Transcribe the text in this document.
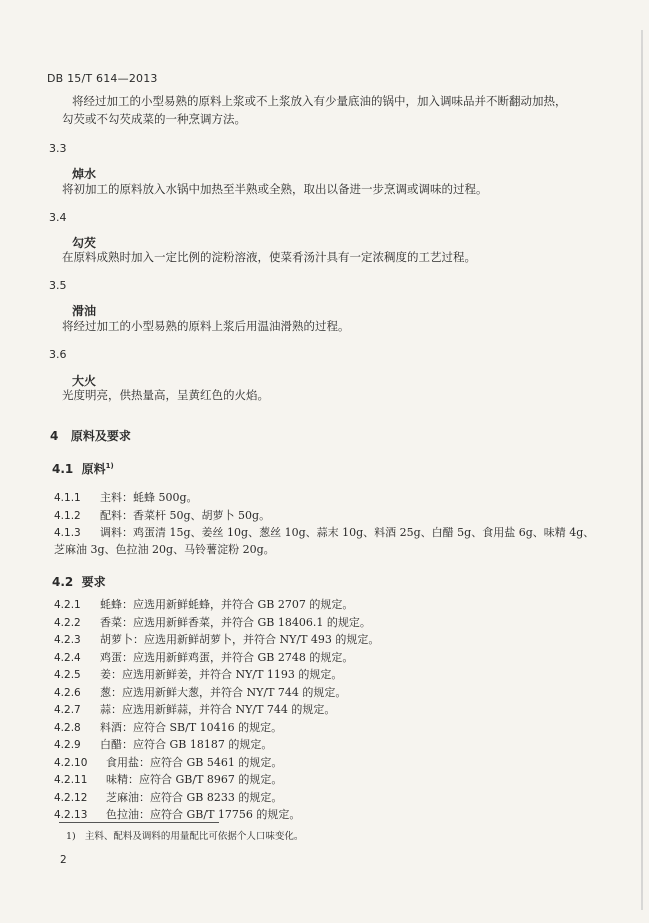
DB 15/T 614—2013
将经过加工的小型易熟的原料上浆或不上浆放入有少量底油的锅中，加入调味品并不断翻动加热，
勾芡或不勾芡成菜的一种烹调方法。
3.3
焯水
将初加工的原料放入水锅中加热至半熟或全熟，取出以备进一步烹调或调味的过程。
3.4
勾芡
在原料成熟时加入一定比例的淀粉溶液，使菜肴汤汁具有一定浓稠度的工艺过程。
3.5
滑油
将经过加工的小型易熟的原料上浆后用温油滑熟的过程。
3.6
大火
光度明亮，供热量高，呈黄红色的火焰。
4 原料及要求
4.1 原料$^{1)}$
4.1.1 主料：蚝蜂 500g。
4.1.2 配料：香菜杆 50g、胡萝卜 50g。
4.1.3 调料：鸡蛋清 15g、姜丝 10g、葱丝 10g、蒜末 10g、料酒 25g、白醋 5g、食用盐 6g、味精 4g、
芝麻油 3g、色拉油 20g、马铃薯淀粉 20g。
4.2 要求
4.2.1 蚝蜂：应选用新鲜蚝蜂，并符合 GB 2707 的规定。
4.2.2 香菜：应选用新鲜香菜，并符合 GB 18406.1 的规定。
4.2.3 胡萝卜：应选用新鲜胡萝卜，并符合 NY/T 493 的规定。
4.2.4 鸡蛋：应选用新鲜鸡蛋，并符合 GB 2748 的规定。
4.2.5 姜：应选用新鲜姜，并符合 NY/T 1193 的规定。
4.2.6 葱：应选用新鲜大葱，并符合 NY/T 744 的规定。
4.2.7 蒜：应选用新鲜蒜，并符合 NY/T 744 的规定。
4.2.8 料酒：应符合 SB/T 10416 的规定。
4.2.9 白醋：应符合 GB 18187 的规定。
4.2.10 食用盐：应符合 GB 5461 的规定。
4.2.11 味精：应符合 GB/T 8967 的规定。
4.2.12 芝麻油：应符合 GB 8233 的规定。
4.2.13 色拉油：应符合 GB/T 17756 的规定。
1) 主料、配料及调料的用量配比可依据个人口味变化。
2
